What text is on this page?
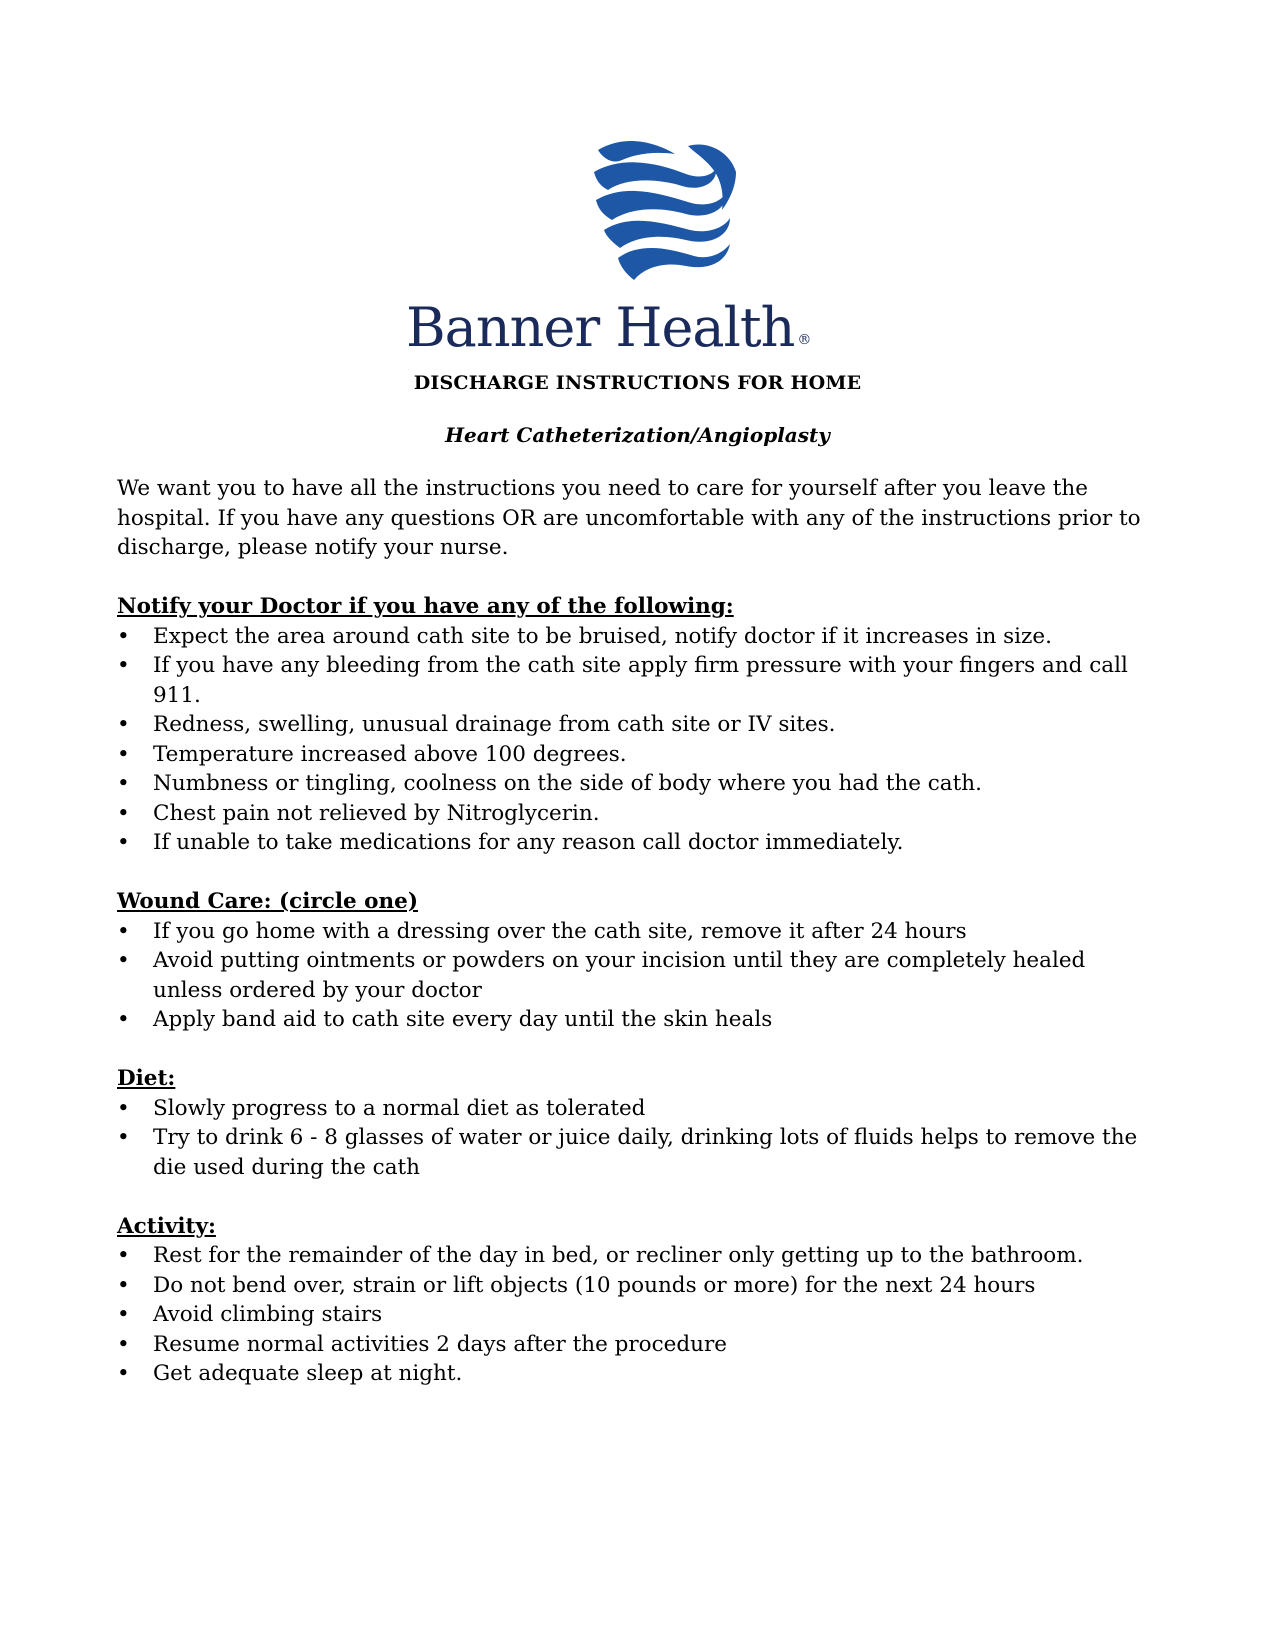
Banner Health ®
DISCHARGE INSTRUCTIONS FOR HOME
Heart Catheterization/Angioplasty

We want you to have all the instructions you need to care for yourself after you leave the hospital. If you have any questions OR are uncomfortable with any of the instructions prior to discharge, please notify your nurse.

Notify your Doctor if you have any of the following:

• Expect the area around cath site to be bruised, notify doctor if it increases in size.
• If you have any bleeding from the cath site apply firm pressure with your fingers and call 911.
• Redness, swelling, unusual drainage from cath site or IV sites.
• Temperature increased above 100 degrees.
• Numbness or tingling, coolness on the side of body where you had the cath.
• Chest pain not relieved by Nitroglycerin.
• If unable to take medications for any reason call doctor immediately.

Wound Care: (circle one)

• If you go home with a dressing over the cath site, remove it after 24 hours
• Avoid putting ointments or powders on your incision until they are completely healed unless ordered by your doctor
• Apply band aid to cath site every day until the skin heals

Diet:

• Slowly progress to a normal diet as tolerated
• Try to drink 6 - 8 glasses of water or juice daily, drinking lots of fluids helps to remove the die used during the cath

Activity:

• Rest for the remainder of the day in bed, or recliner only getting up to the bathroom.
• Do not bend over, strain or lift objects (10 pounds or more) for the next 24 hours
• Avoid climbing stairs
• Resume normal activities 2 days after the procedure
• Get adequate sleep at night.
